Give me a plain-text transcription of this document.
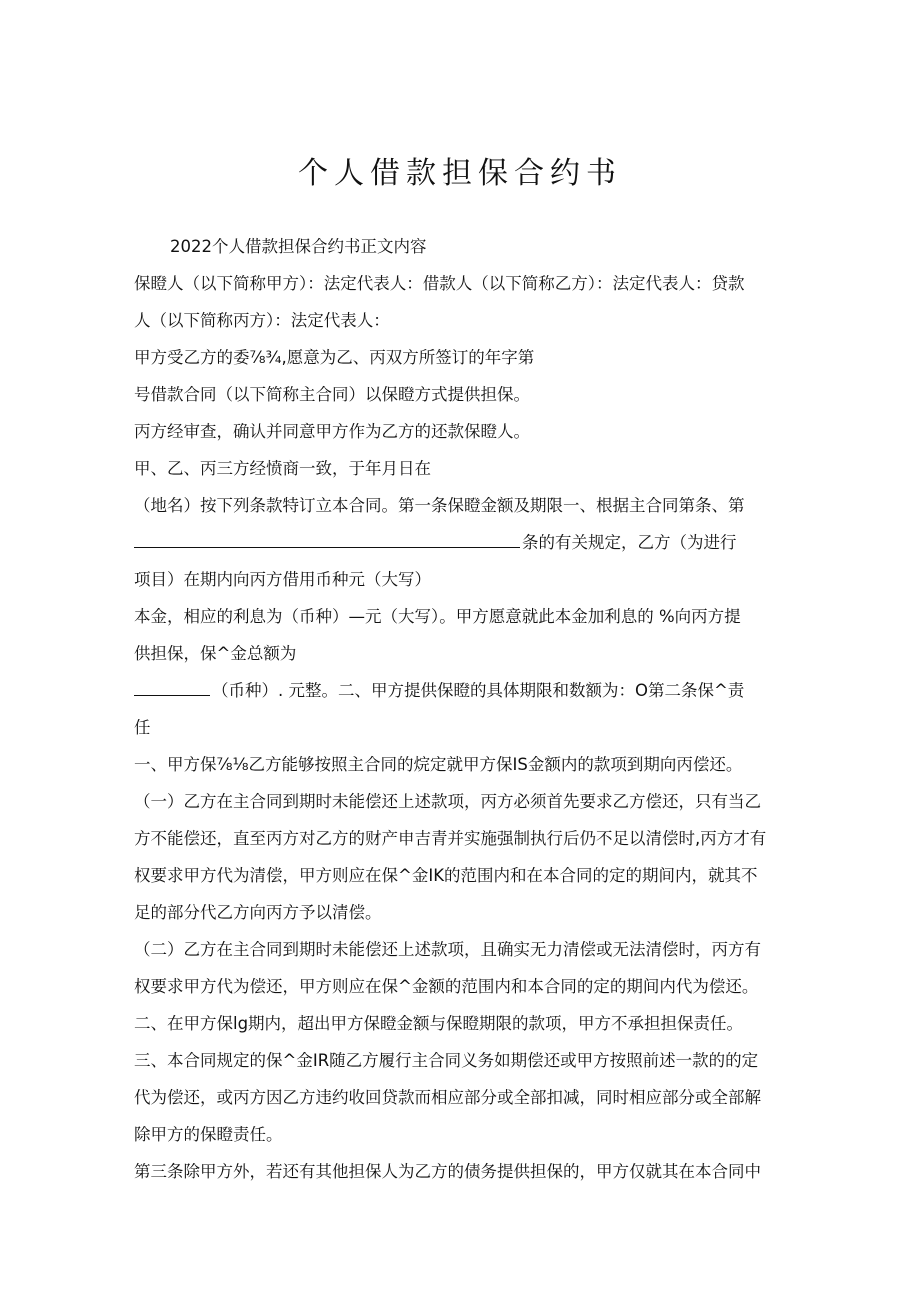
个人借款担保合约书
2022个人借款担保合约书正文内容
保瞪人（以下简称甲方）：法定代表人：借款人（以下简称乙方）：法定代表人：贷款
人（以下简称丙方）：法定代表人：
甲方受乙方的委⅞¾,愿意为乙、丙双方所签订的年字第
号借款合同（以下简称主合同）以保瞪方式提供担保。
丙方经审查，确认并同意甲方作为乙方的还款保瞪人。
甲、乙、丙三方经愤商一致，于年月日在
（地名）按下列条款特订立本合同。第一条保瞪金额及期限一、根据主合同第条、第
条的有关规定，乙方（为进行
项目）在期内向丙方借用币种元（大写）
本金，相应的利息为（币种）—元（大写）。甲方愿意就此本金加利息的 %向丙方提
供担保，保^金总额为
（币种）. 元整。二、甲方提供保瞪的具体期限和数额为：O第二条保^责
任
一、甲方保⅞⅛乙方能够按照主合同的烷定就甲方保IS金额内的款项到期向丙偿还。
（一）乙方在主合同到期时未能偿还上述款项，丙方必须首先要求乙方偿还，只有当乙
方不能偿还，直至丙方对乙方的财产申吉青并实施强制执行后仍不足以清偿时,丙方才有
权要求甲方代为清偿，甲方则应在保^金IK的范围内和在本合同的定的期间内，就其不
足的部分代乙方向丙方予以清偿。
（二）乙方在主合同到期时未能偿还上述款项，且确实无力清偿或无法清偿时，丙方有
权要求甲方代为偿还，甲方则应在保^金额的范围内和本合同的定的期间内代为偿还。
二、在甲方保lg期内，超出甲方保瞪金额与保瞪期限的款项，甲方不承担担保责任。
三、本合同规定的保^金IR随乙方履行主合同义务如期偿还或甲方按照前述一款的的定
代为偿还，或丙方因乙方违约收回贷款而相应部分或全部扣减，同时相应部分或全部解
除甲方的保瞪责任。
第三条除甲方外，若还有其他担保人为乙方的债务提供担保的，甲方仅就其在本合同中
